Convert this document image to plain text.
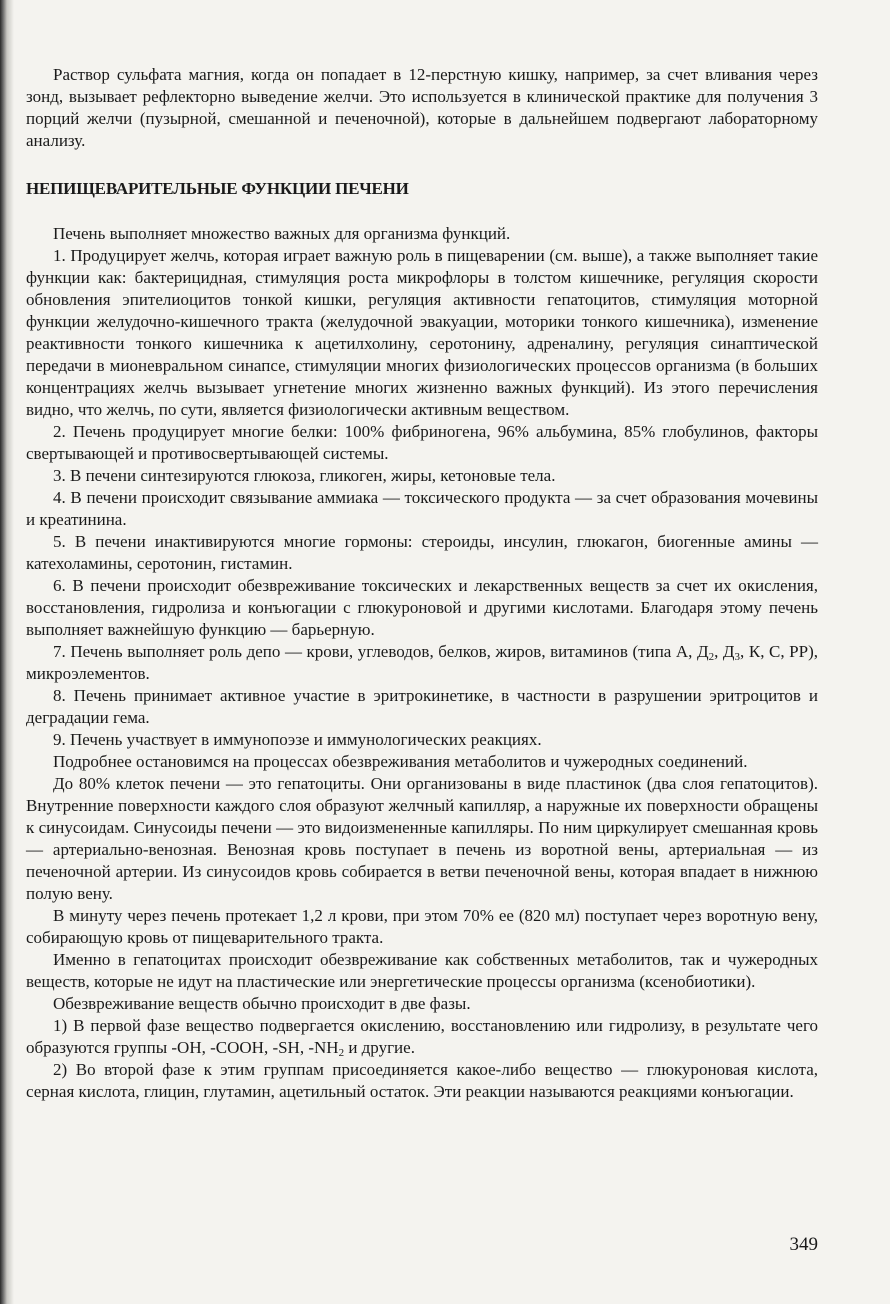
Раствор сульфата магния, когда он попадает в 12-перстную кишку, например, за счет вливания через зонд, вызывает рефлекторно выведение желчи. Это используется в клинической практике для получения 3 порций желчи (пузырной, смешанной и печеночной), которые в дальнейшем подвергают лабораторному анализу.

НЕПИЩЕВАРИТЕЛЬНЫЕ ФУНКЦИИ ПЕЧЕНИ

Печень выполняет множество важных для организма функций.

1. Продуцирует желчь, которая играет важную роль в пищеварении (см. выше), а также выполняет такие функции как: бактерицидная, стимуляция роста микрофлоры в толстом кишечнике, регуляция скорости обновления эпителиоцитов тонкой кишки, регуляция активности гепатоцитов, стимуляция моторной функции желудочно-кишечного тракта (желудочной эвакуации, моторики тонкого кишечника), изменение реактивности тонкого кишечника к ацетилхолину, серотонину, адреналину, регуляция синаптической передачи в мионевральном синапсе, стимуляции многих физиологических процессов организма (в больших концентрациях желчь вызывает угнетение многих жизненно важных функций). Из этого перечисления видно, что желчь, по сути, является физиологически активным веществом.

2. Печень продуцирует многие белки: 100% фибриногена, 96% альбумина, 85% глобулинов, факторы свертывающей и противосвертывающей системы.

3. В печени синтезируются глюкоза, гликоген, жиры, кетоновые тела.

4. В печени происходит связывание аммиака — токсического продукта — за счет образования мочевины и креатинина.

5. В печени инактивируются многие гормоны: стероиды, инсулин, глюкагон, биогенные амины — катехоламины, серотонин, гистамин.

6. В печени происходит обезвреживание токсических и лекарственных веществ за счет их окисления, восстановления, гидролиза и конъюгации с глюкуроновой и другими кислотами. Благодаря этому печень выполняет важнейшую функцию — барьерную.

7. Печень выполняет роль депо — крови, углеводов, белков, жиров, витаминов (типа А, $Д_2$, $Д_3$, К, С, РР), микроэлементов.

8. Печень принимает активное участие в эритрокинетике, в частности в разрушении эритроцитов и деградации гема.

9. Печень участвует в иммунопоэзе и иммунологических реакциях.

Подробнее остановимся на процессах обезвреживания метаболитов и чужеродных соединений.

До 80% клеток печени — это гепатоциты. Они организованы в виде пластинок (два слоя гепатоцитов). Внутренние поверхности каждого слоя образуют желчный капилляр, а наружные их поверхности обращены к синусоидам. Синусоиды печени — это видоизмененные капилляры. По ним циркулирует смешанная кровь — артериально-венозная. Венозная кровь поступает в печень из воротной вены, артериальная — из печеночной артерии. Из синусоидов кровь собирается в ветви печеночной вены, которая впадает в нижнюю полую вену.

В минуту через печень протекает 1,2 л крови, при этом 70% ее (820 мл) поступает через воротную вену, собирающую кровь от пищеварительного тракта.

Именно в гепатоцитах происходит обезвреживание как собственных метаболитов, так и чужеродных веществ, которые не идут на пластические или энергетические процессы организма (ксенобиотики).

Обезвреживание веществ обычно происходит в две фазы.

1) В первой фазе вещество подвергается окислению, восстановлению или гидролизу, в результате чего образуются группы -ОН, -СООН, -SH, $-NH_2$ и другие.

2) Во второй фазе к этим группам присоединяется какое-либо вещество — глюкуроновая кислота, серная кислота, глицин, глутамин, ацетильный остаток. Эти реакции называются реакциями конъюгации.

349
